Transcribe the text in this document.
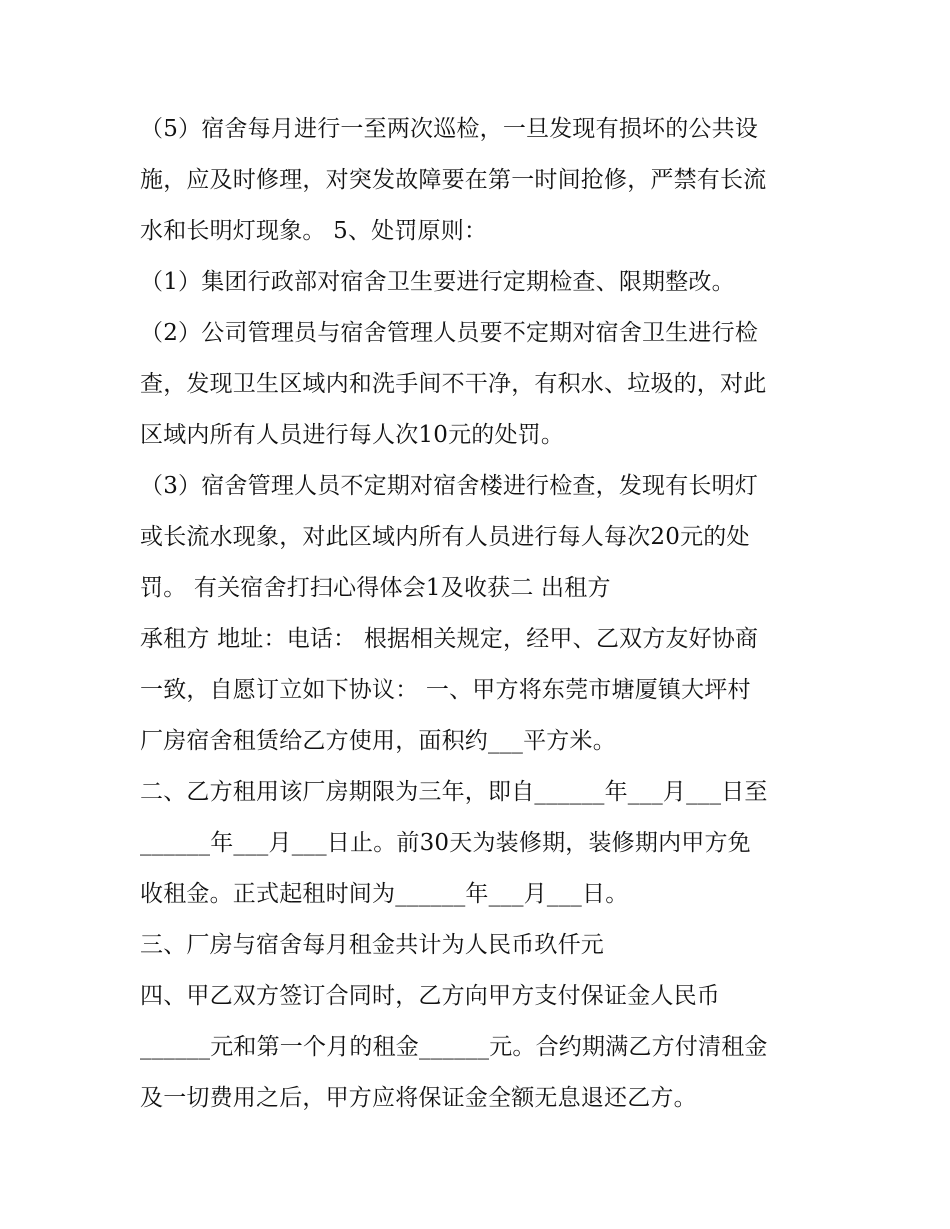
（5）宿舍每月进行一至两次巡检，一旦发现有损坏的公共设
施，应及时修理，对突发故障要在第一时间抢修，严禁有长流
水和长明灯现象。 5、处罚原则：
（1）集团行政部对宿舍卫生要进行定期检查、限期整改。
（2）公司管理员与宿舍管理人员要不定期对宿舍卫生进行检
查，发现卫生区域内和洗手间不干净，有积水、垃圾的，对此
区域内所有人员进行每人次10元的处罚。
（3）宿舍管理人员不定期对宿舍楼进行检查，发现有长明灯
或长流水现象，对此区域内所有人员进行每人每次20元的处
罚。 有关宿舍打扫心得体会1及收获二 出租方
承租方 地址：电话： 根据相关规定，经甲、乙双方友好协商
一致，自愿订立如下协议： 一、甲方将东莞市塘厦镇大坪村
厂房宿舍租赁给乙方使用，面积约___平方米。
二、乙方租用该厂房期限为三年，即自______年___月___日至
______年___月___日止。前30天为装修期，装修期内甲方免
收租金。正式起租时间为______年___月___日。
三、厂房与宿舍每月租金共计为人民币玖仟元
四、甲乙双方签订合同时，乙方向甲方支付保证金人民币
______元和第一个月的租金______元。合约期满乙方付清租金
及一切费用之后，甲方应将保证金全额无息退还乙方。
